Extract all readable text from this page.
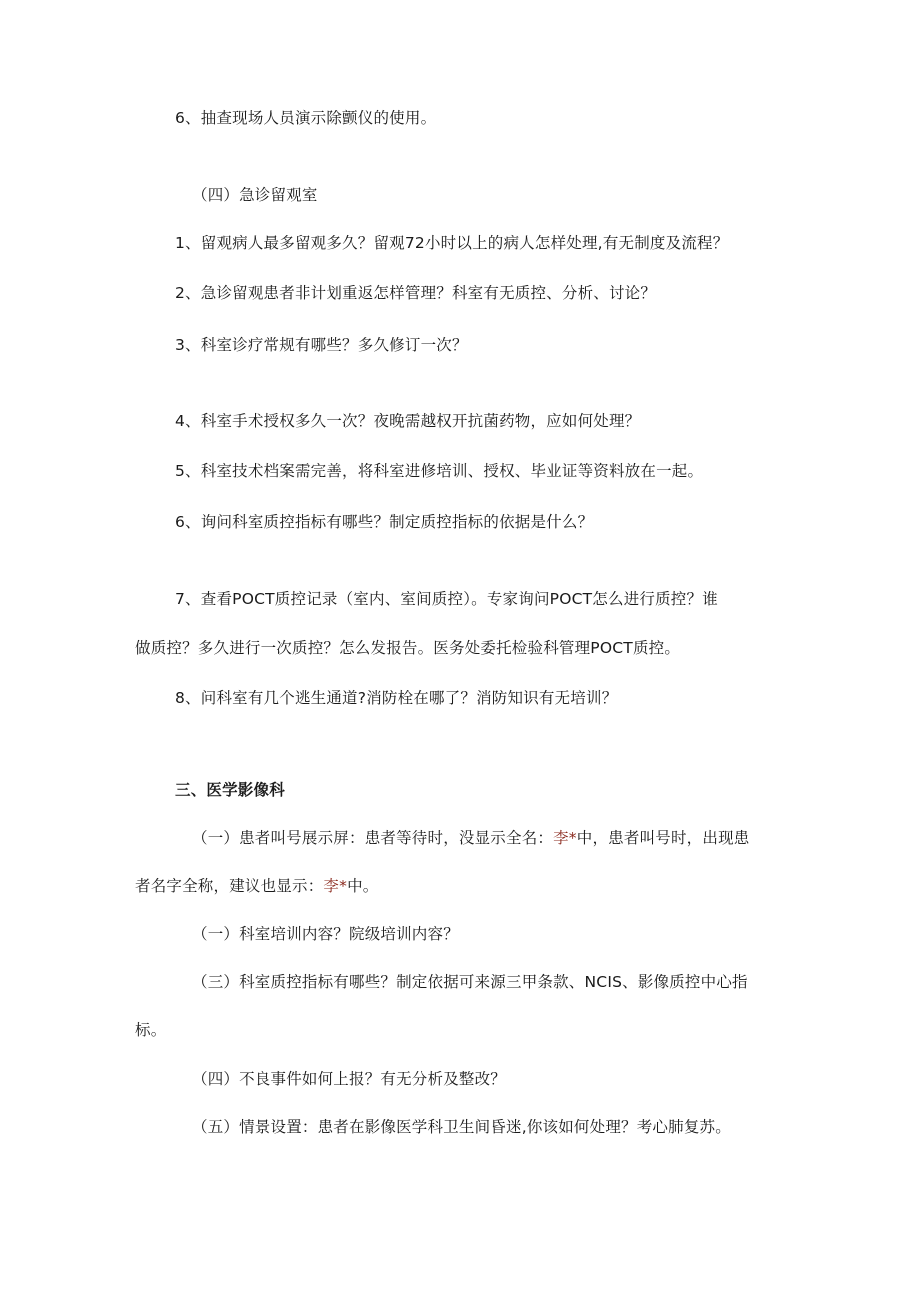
6、抽查现场人员演示除颤仪的使用。
（四）急诊留观室
1、留观病人最多留观多久？留观72小时以上的病人怎样处理,有无制度及流程？
2、急诊留观患者非计划重返怎样管理？科室有无质控、分析、讨论？
3、科室诊疗常规有哪些？多久修订一次？
4、科室手术授权多久一次？夜晚需越权开抗菌药物，应如何处理？
5、科室技术档案需完善，将科室进修培训、授权、毕业证等资料放在一起。
6、询问科室质控指标有哪些？制定质控指标的依据是什么？
7、查看POCT质控记录（室内、室间质控）。专家询问POCT怎么进行质控？谁
做质控？多久进行一次质控？怎么发报告。医务处委托检验科管理POCT质控。
8、问科室有几个逃生通道?消防栓在哪了？消防知识有无培训？
三、医学影像科
（一）患者叫号展示屏：患者等待时，没显示全名：李*中，患者叫号时，出现患
者名字全称，建议也显示：李*中。
（一）科室培训内容？院级培训内容？
（三）科室质控指标有哪些？制定依据可来源三甲条款、NCIS、影像质控中心指
标。
（四）不良事件如何上报？有无分析及整改？
（五）情景设置：患者在影像医学科卫生间昏迷,你该如何处理？考心肺复苏。
